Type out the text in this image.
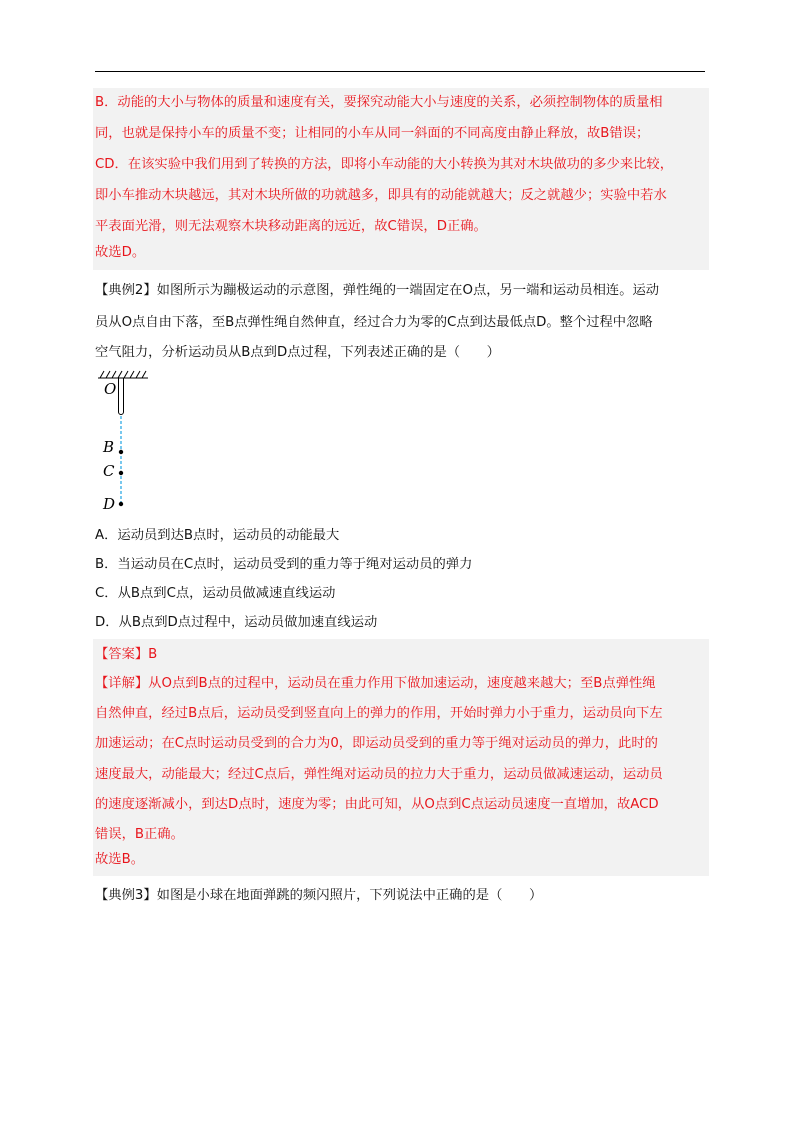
B．动能的大小与物体的质量和速度有关，要探究动能大小与速度的关系，必须控制物体的质量相
同，也就是保持小车的质量不变；让相同的小车从同一斜面的不同高度由静止释放，故B错误；
CD．在该实验中我们用到了转换的方法，即将小车动能的大小转换为其对木块做功的多少来比较，
即小车推动木块越远，其对木块所做的功就越多，即具有的动能就越大；反之就越少；实验中若水
平表面光滑，则无法观察木块移动距离的远近，故C错误，D正确。
故选D。
【典例2】如图所示为蹦极运动的示意图，弹性绳的一端固定在O点，另一端和运动员相连。运动
员从O点自由下落，至B点弹性绳自然伸直，经过合力为零的C点到达最低点D。整个过程中忽略
空气阻力，分析运动员从B点到D点过程，下列表述正确的是（　　）
O
B
C
D
A．运动员到达B点时，运动员的动能最大
B．当运动员在C点时，运动员受到的重力等于绳对运动员的弹力
C．从B点到C点，运动员做减速直线运动
D．从B点到D点过程中，运动员做加速直线运动
【答案】B
【详解】从O点到B点的过程中，运动员在重力作用下做加速运动，速度越来越大；至B点弹性绳
自然伸直，经过B点后，运动员受到竖直向上的弹力的作用，开始时弹力小于重力，运动员向下左
加速运动；在C点时运动员受到的合力为0，即运动员受到的重力等于绳对运动员的弹力，此时的
速度最大，动能最大；经过C点后，弹性绳对运动员的拉力大于重力，运动员做减速运动，运动员
的速度逐渐减小，到达D点时，速度为零；由此可知，从O点到C点运动员速度一直增加，故ACD
错误，B正确。
故选B。
【典例3】如图是小球在地面弹跳的频闪照片，下列说法中正确的是（　　）
